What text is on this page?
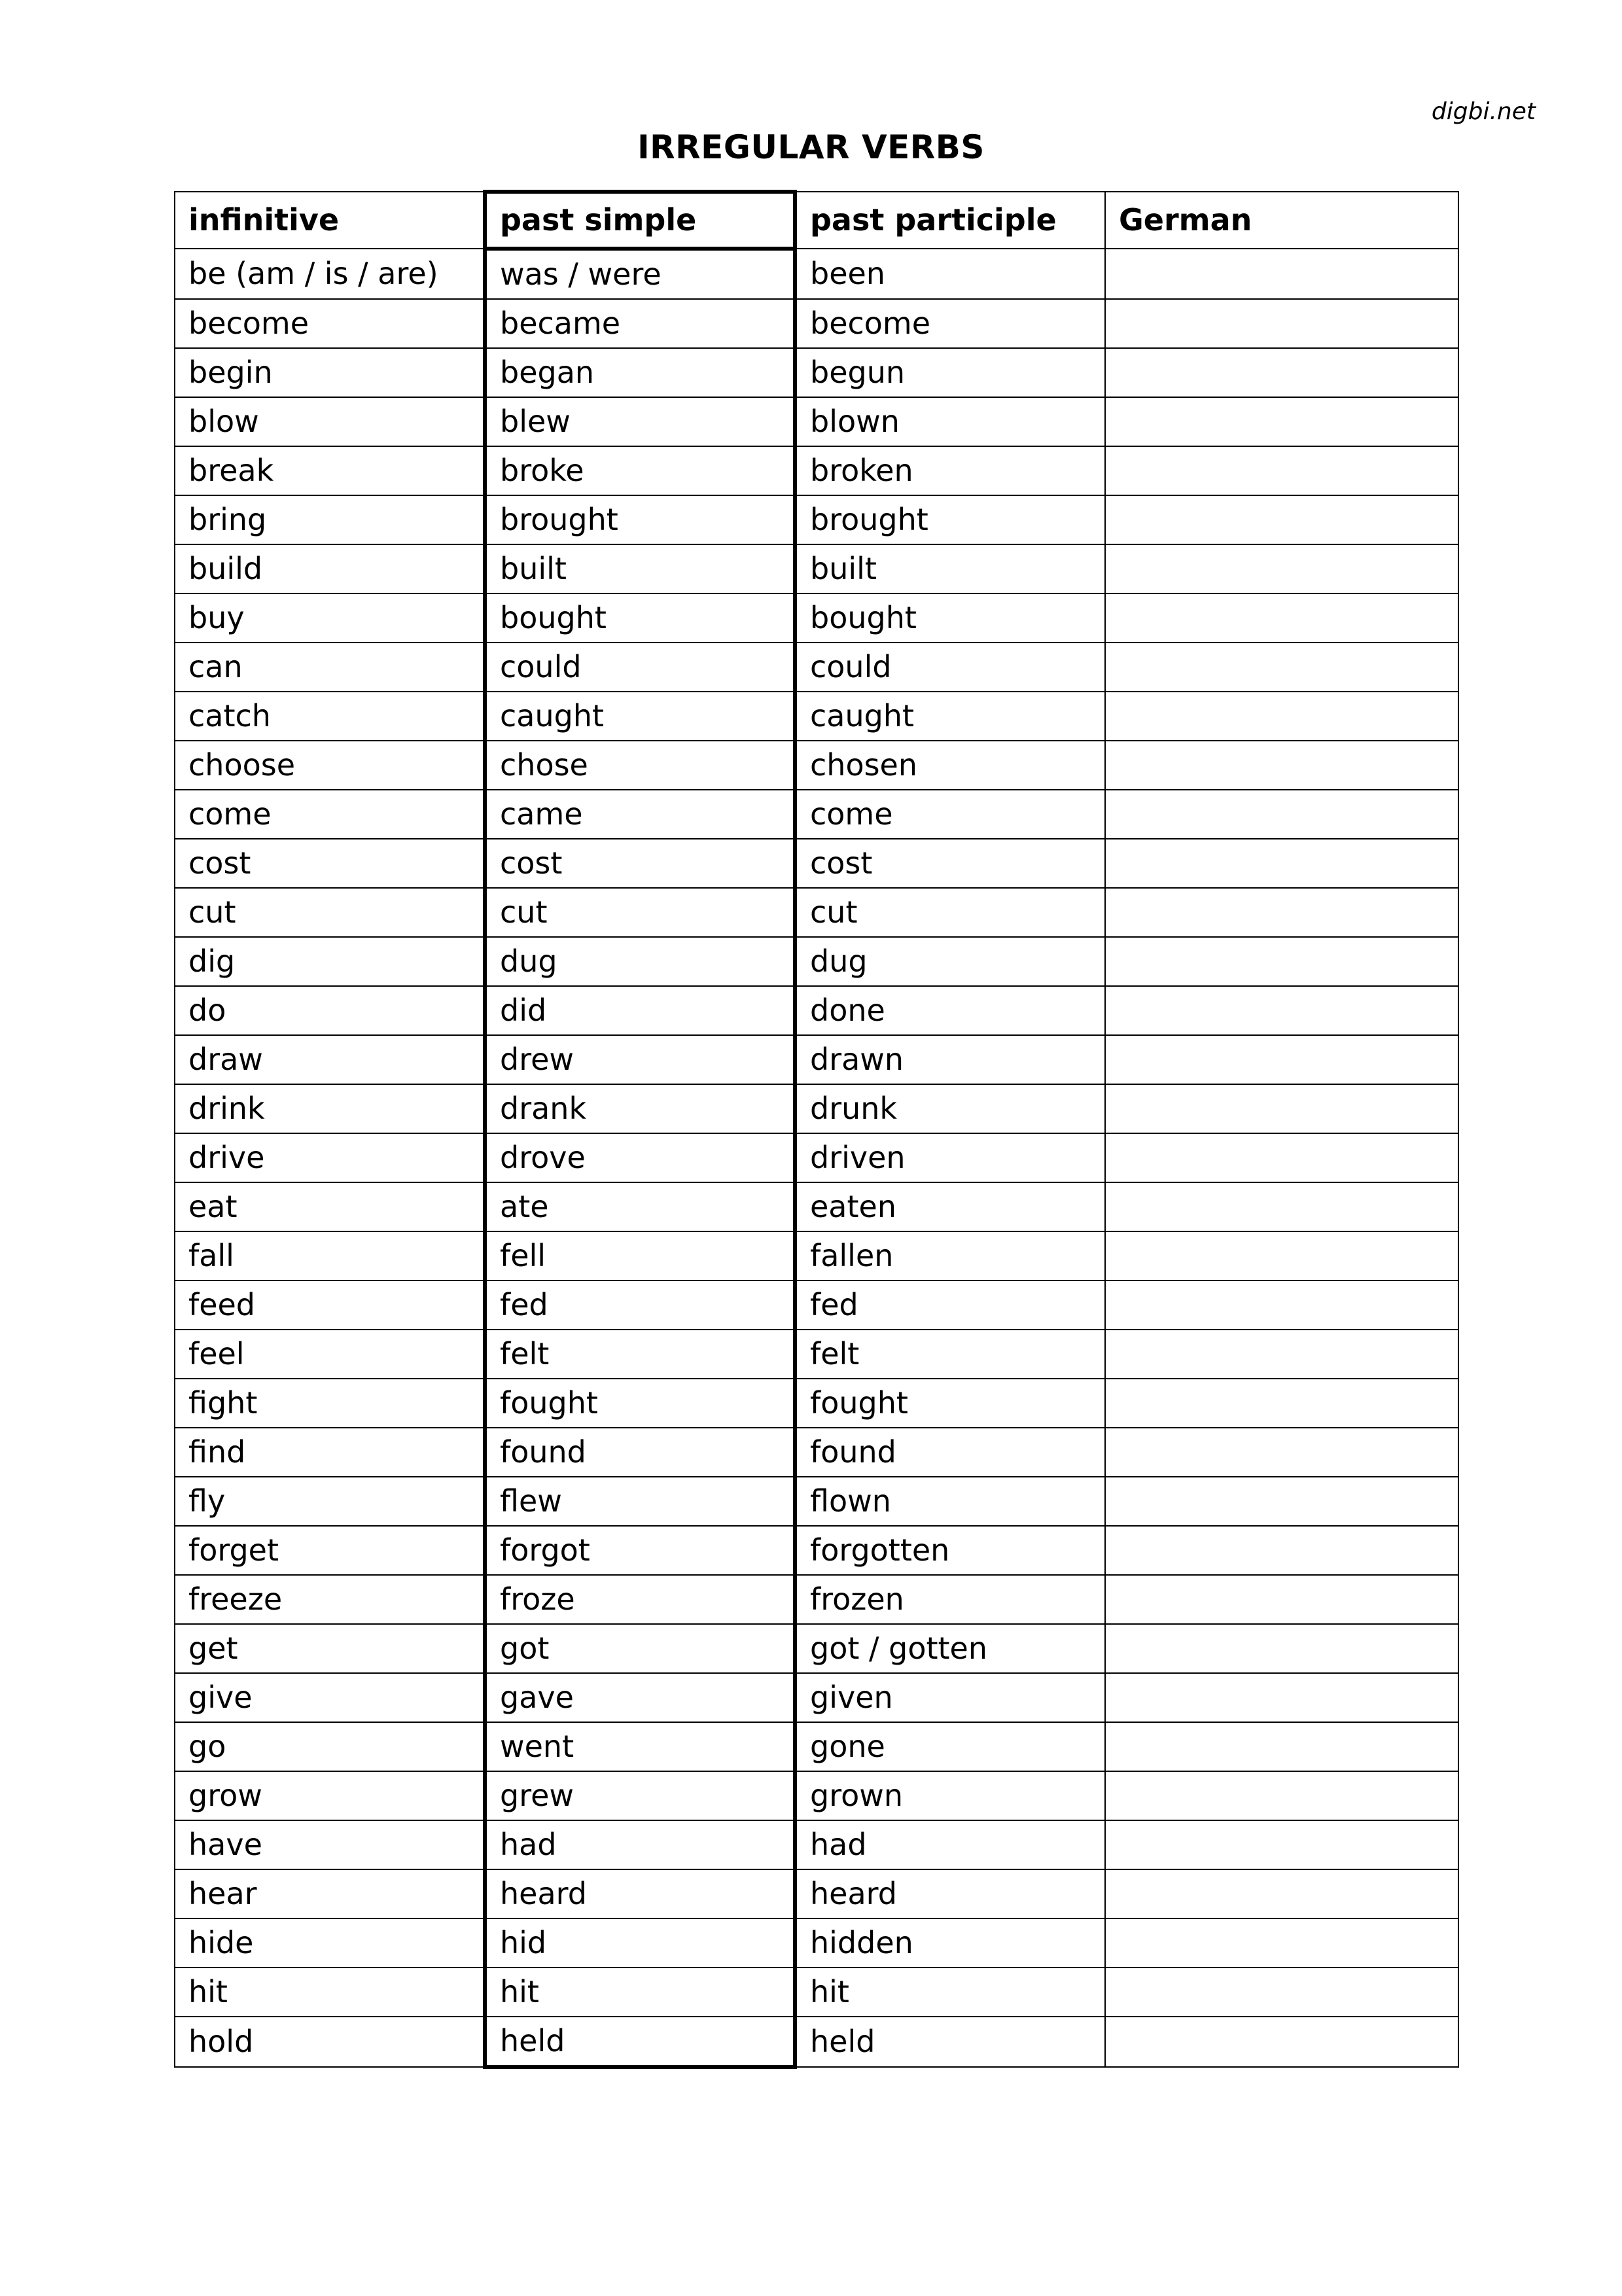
digbi.net
IRREGULAR VERBS
infinitive	past simple	past participle	German
be (am / is / are)	was / were	been	
become	became	become	
begin	began	begun	
blow	blew	blown	
break	broke	broken	
bring	brought	brought	
build	built	built	
buy	bought	bought	
can	could	could	
catch	caught	caught	
choose	chose	chosen	
come	came	come	
cost	cost	cost	
cut	cut	cut	
dig	dug	dug	
do	did	done	
draw	drew	drawn	
drink	drank	drunk	
drive	drove	driven	
eat	ate	eaten	
fall	fell	fallen	
feed	fed	fed	
feel	felt	felt	
fight	fought	fought	
find	found	found	
fly	flew	flown	
forget	forgot	forgotten	
freeze	froze	frozen	
get	got	got / gotten	
give	gave	given	
go	went	gone	
grow	grew	grown	
have	had	had	
hear	heard	heard	
hide	hid	hidden	
hit	hit	hit	
hold	held	held	
